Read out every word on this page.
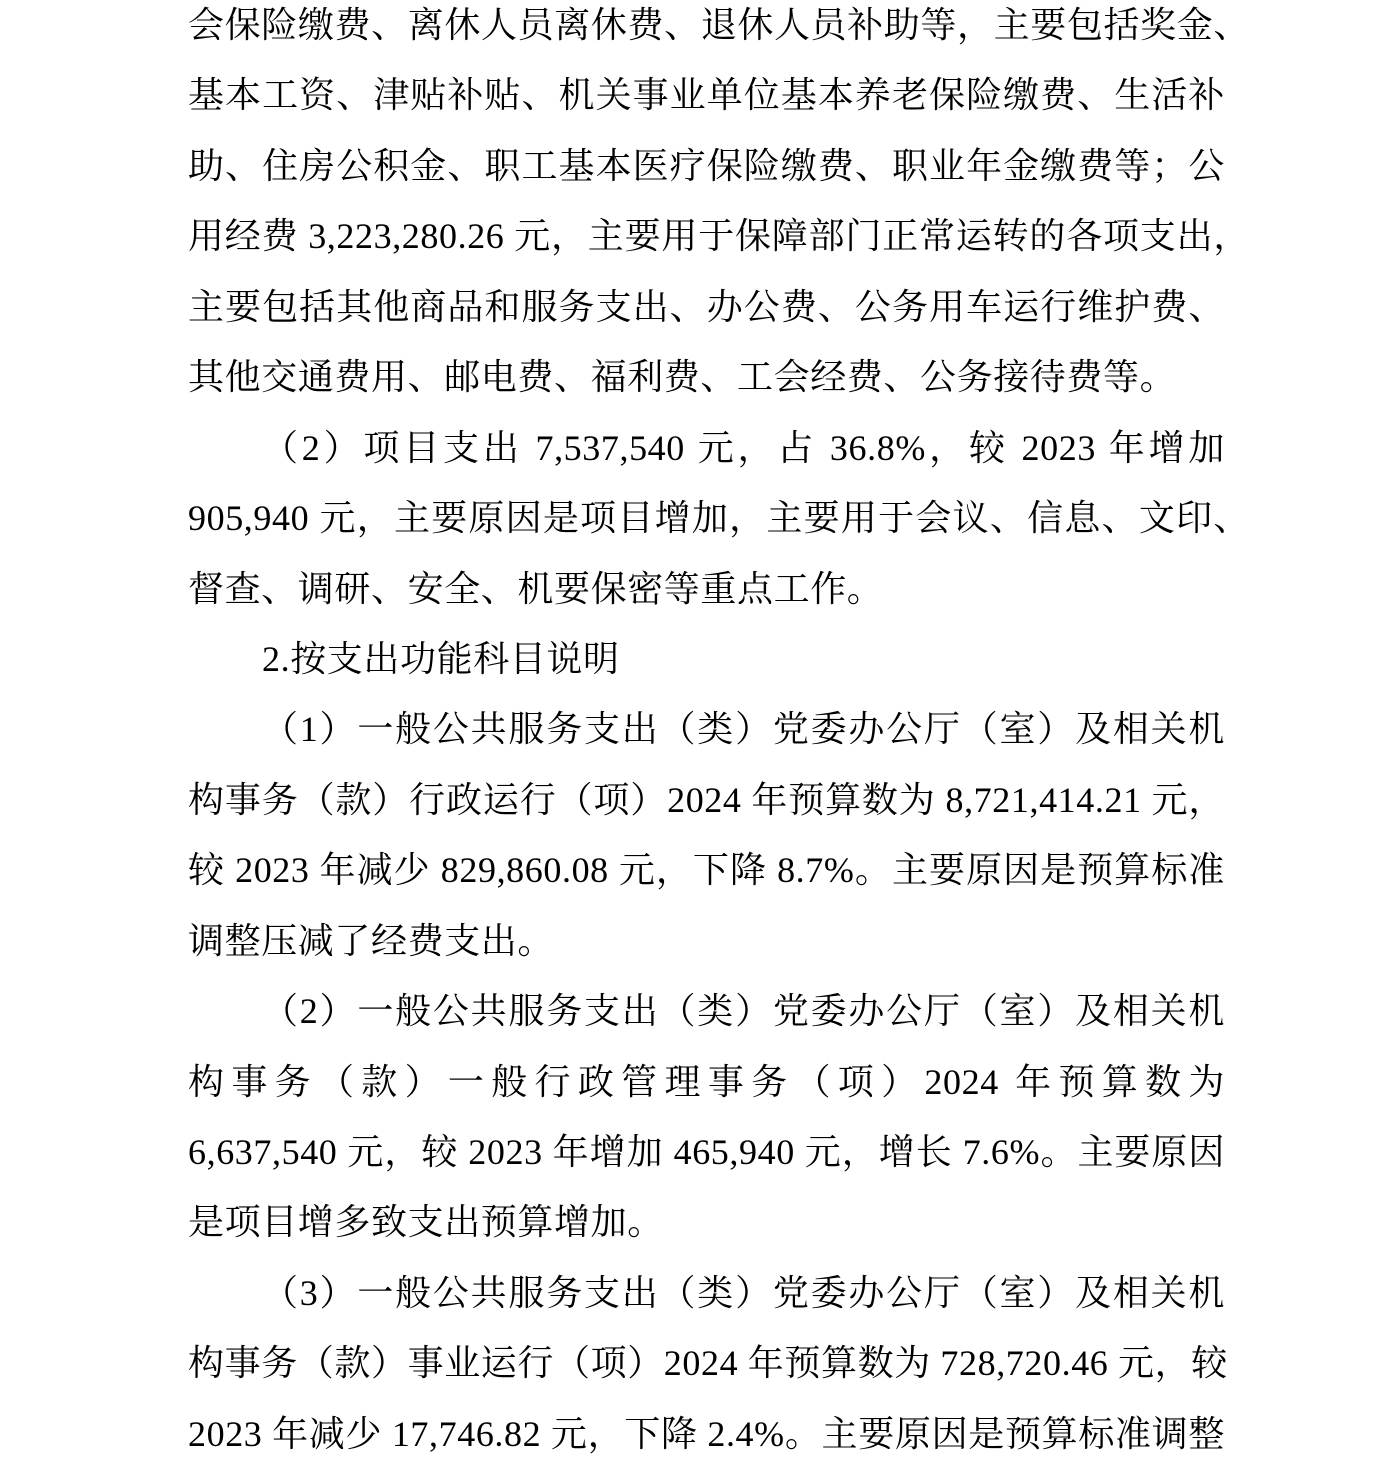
会保险缴费、离休人员离休费、退休人员补助等，主要包括奖金、
基本工资、津贴补贴、机关事业单位基本养老保险缴费、生活补
助、住房公积金、职工基本医疗保险缴费、职业年金缴费等；公
用经费 3,223,280.26 元，主要用于保障部门正常运转的各项支出，
主要包括其他商品和服务支出、办公费、公务用车运行维护费、
其他交通费用、邮电费、福利费、工会经费、公务接待费等。
（2）项目支出 7,537,540 元，占 36.8%，较 2023 年增加
905,940 元，主要原因是项目增加，主要用于会议、信息、文印、
督查、调研、安全、机要保密等重点工作。
2.按支出功能科目说明
（1）一般公共服务支出（类）党委办公厅（室）及相关机
构事务（款）行政运行（项）2024 年预算数为 8,721,414.21 元，
较 2023 年减少 829,860.08 元，下降 8.7%。主要原因是预算标准
调整压减了经费支出。
（2）一般公共服务支出（类）党委办公厅（室）及相关机
构事务（款）一般行政管理事务（项）2024 年预算数为
6,637,540 元，较 2023 年增加 465,940 元，增长 7.6%。主要原因
是项目增多致支出预算增加。
（3）一般公共服务支出（类）党委办公厅（室）及相关机
构事务（款）事业运行（项）2024 年预算数为 728,720.46 元，较
2023 年减少 17,746.82 元，下降 2.4%。主要原因是预算标准调整
